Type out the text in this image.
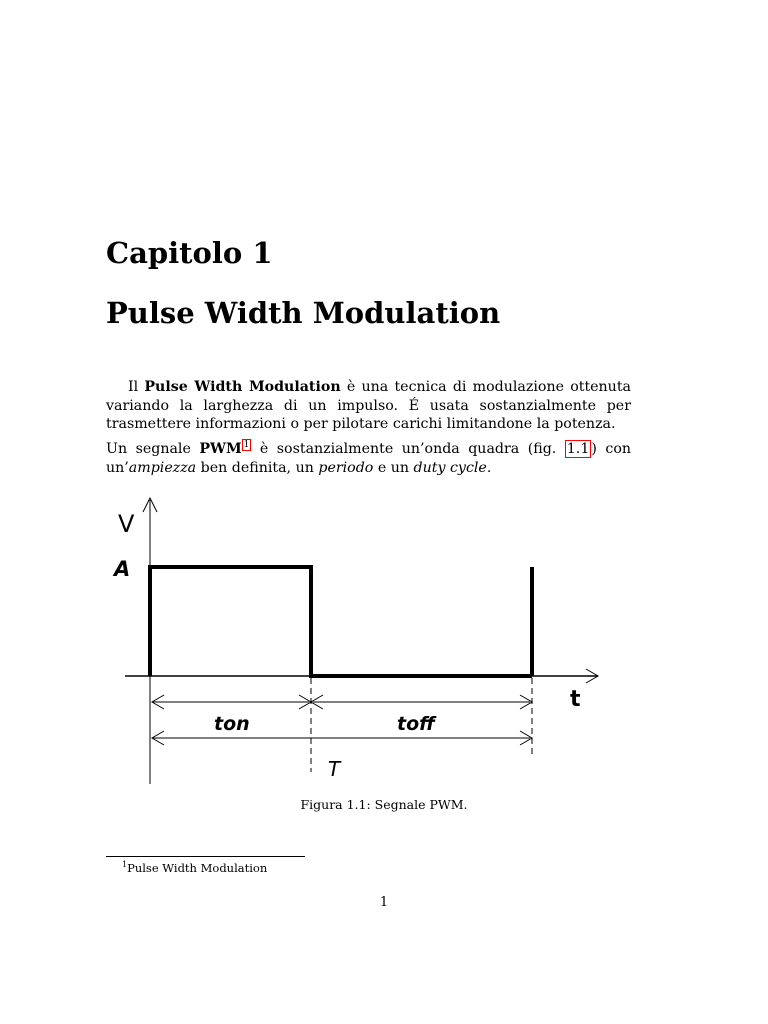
Capitolo 1
Pulse Width Modulation

Il Pulse Width Modulation è una tecnica di modulazione ottenuta variando la larghezza di un impulso. É usata sostanzialmente per trasmettere informazioni o per pilotare carichi limitandone la potenza.

Un segnale PWM $^1$ è sostanzialmente un’onda quadra (fig. 1.1 ) con un’ampiezza ben definita, un periodo e un duty cycle.

V
A
t
ton	toff
T
Figura 1.1: Segnale PWM.
$^1$Pulse Width Modulation
1
